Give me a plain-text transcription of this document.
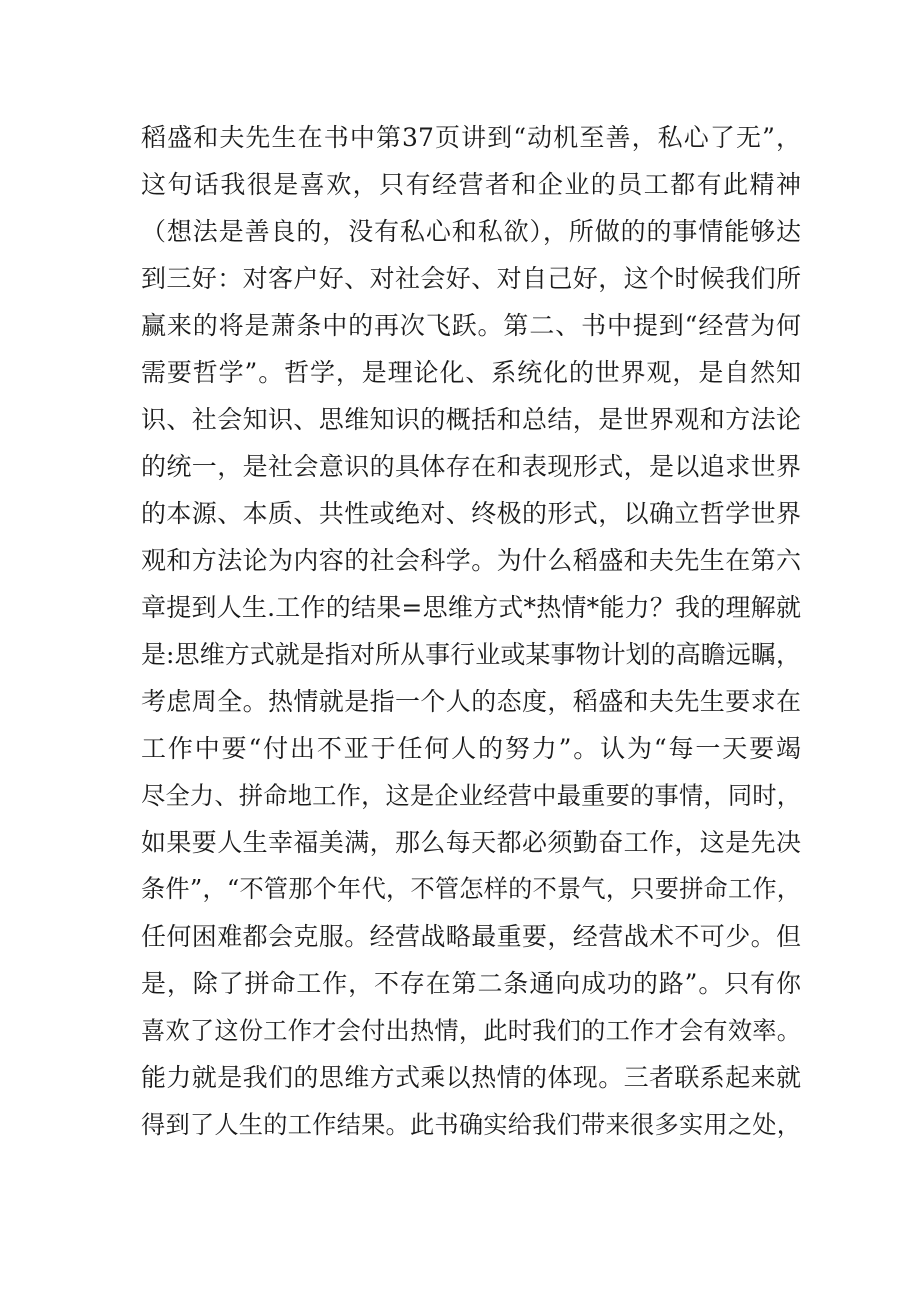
稻盛和夫先生在书中第37页讲到“动机至善，私心了无”，
这句话我很是喜欢，只有经营者和企业的员工都有此精神
（想法是善良的，没有私心和私欲），所做的的事情能够达
到三好：对客户好、对社会好、对自己好，这个时候我们所
赢来的将是萧条中的再次飞跃。第二、书中提到“经营为何
需要哲学”。哲学，是理论化、系统化的世界观，是自然知
识、社会知识、思维知识的概括和总结，是世界观和方法论
的统一，是社会意识的具体存在和表现形式，是以追求世界
的本源、本质、共性或绝对、终极的形式，以确立哲学世界
观和方法论为内容的社会科学。为什么稻盛和夫先生在第六
章提到人生.工作的结果=思维方式*热情*能力？我的理解就
是:思维方式就是指对所从事行业或某事物计划的高瞻远瞩，
考虑周全。热情就是指一个人的态度，稻盛和夫先生要求在
工作中要“付出不亚于任何人的努力”。认为“每一天要竭
尽全力、拼命地工作，这是企业经营中最重要的事情，同时，
如果要人生幸福美满，那么每天都必须勤奋工作，这是先决
条件”，“不管那个年代，不管怎样的不景气，只要拼命工作，
任何困难都会克服。经营战略最重要，经营战术不可少。但
是，除了拼命工作，不存在第二条通向成功的路”。只有你
喜欢了这份工作才会付出热情，此时我们的工作才会有效率。
能力就是我们的思维方式乘以热情的体现。三者联系起来就
得到了人生的工作结果。此书确实给我们带来很多实用之处，
